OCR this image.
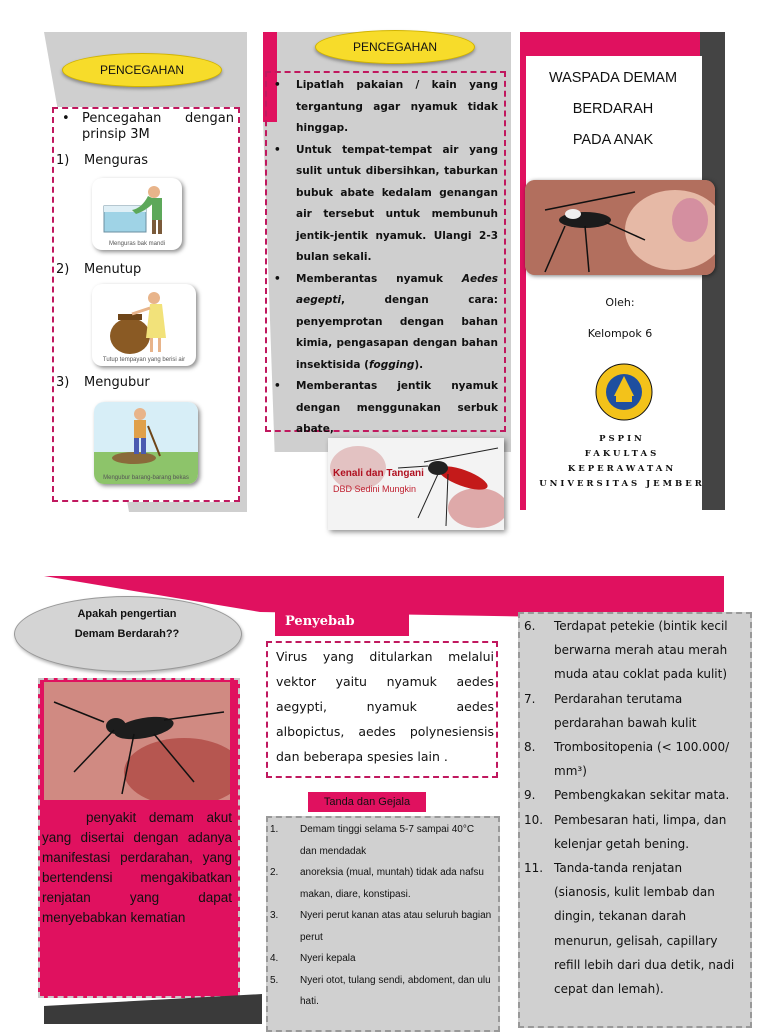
PENCEGAHAN
• Pencegahan dengan prinsip 3M
1) Menguras
Menguras bak mandi
2) Menutup
Tutup tempayan yang berisi air
3) Mengubur
Mengubur barang-barang bekas
PENCEGAHAN
• Lipatlah pakaian / kain yang tergantung agar nyamuk tidak hinggap.
• Untuk tempat-tempat air yang sulit untuk dibersihkan, taburkan bubuk abate kedalam genangan air tersebut untuk membunuh jentik-jentik nyamuk. Ulangi 2-3 bulan sekali.
• Memberantas nyamuk Aedes aegepti, dengan cara: penyemprotan dengan bahan kimia, pengasapan dengan bahan insektisida (fogging).
• Memberantas jentik nyamuk dengan menggunakan serbuk abate,
Kenali dan Tangani
DBD Sedini Mungkin
WASPADA DEMAM
BERDARAH
PADA ANAK
Oleh:
Kelompok 6
PSPIN
FAKULTAS
KEPERAWATAN
UNIVERSITAS JEMBER
Apakah pengertian
Demam Berdarah??
penyakit demam akut yang disertai dengan adanya manifestasi perdarahan, yang bertendensi mengakibatkan renjatan yang dapat menyebabkan kematian
Penyebab
Virus yang ditularkan melalui vektor yaitu nyamuk aedes aegypti, nyamuk aedes albopictus, aedes polynesiensis dan beberapa spesies lain .
Tanda dan Gejala
1. Demam tinggi selama 5-7 sampai 40°C dan mendadak
2. anoreksia (mual, muntah) tidak ada nafsu makan, diare, konstipasi.
3. Nyeri perut kanan atas atau seluruh bagian perut
4. Nyeri kepala
5. Nyeri otot, tulang sendi, abdoment, dan ulu hati.
6. Terdapat petekie (bintik kecil berwarna merah atau merah muda atau coklat pada kulit)
7. Perdarahan terutama perdarahan bawah kulit
8. Trombositopenia (< 100.000/ mm³)
9. Pembengkakan sekitar mata.
10. Pembesaran hati, limpa, dan kelenjar getah bening.
11. Tanda-tanda renjatan (sianosis, kulit lembab dan dingin, tekanan darah menurun, gelisah, capillary refill lebih dari dua detik, nadi cepat dan lemah).
